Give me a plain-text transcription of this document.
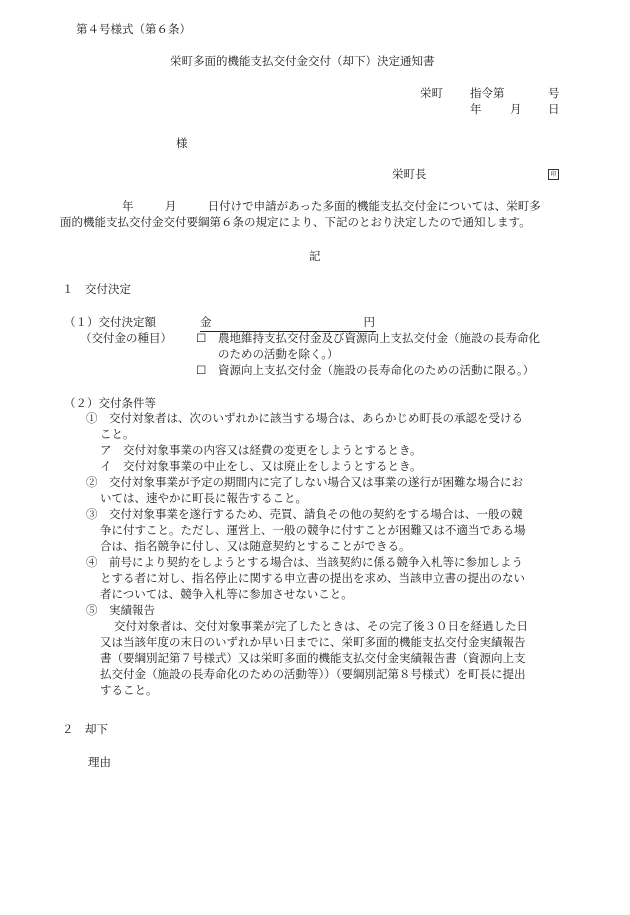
第４号様式（第６条）
栄町多面的機能支払交付金交付（却下）決定通知書
栄町 指令第	号
年 月 日
様
栄町長	印
年	月	日付けで申請があった多面的機能支払交付金については、栄町多
面的機能支払交付金交付要綱第６条の規定により、下記のとおり決定したので通知します。
記
１　交付決定
（１）交付決定額	金	円
（交付金の種目） ☐ 農地維持支払交付金及び資源向上支払交付金（施設の長寿命化
のための活動を除く。）
☐ 資源向上支払交付金（施設の長寿命化のための活動に限る。）
（２）交付条件等
①　交付対象者は、次のいずれかに該当する場合は、あらかじめ町長の承認を受ける
こと。
ア　交付対象事業の内容又は経費の変更をしようとするとき。
イ　交付対象事業の中止をし、又は廃止をしようとするとき。
②　交付対象事業が予定の期間内に完了しない場合又は事業の遂行が困難な場合にお
いては、速やかに町長に報告すること。
③　交付対象事業を遂行するため、売買、請負その他の契約をする場合は、一般の競
争に付すこと。ただし、運営上、一般の競争に付すことが困難又は不適当である場
合は、指名競争に付し、又は随意契約とすることができる。
④　前号により契約をしようとする場合は、当該契約に係る競争入札等に参加しよう
とする者に対し、指名停止に関する申立書の提出を求め、当該申立書の提出のない
者については、競争入札等に参加させないこと。
⑤　実績報告
交付対象者は、交付対象事業が完了したときは、その完了後３０日を経過した日
又は当該年度の末日のいずれか早い日までに、栄町多面的機能支払交付金実績報告
書（要綱別記第７号様式）又は栄町多面的機能支払交付金実績報告書（資源向上支
払交付金（施設の長寿命化のための活動等））（要綱別記第８号様式）を町長に提出
すること。
２　却下
理由
